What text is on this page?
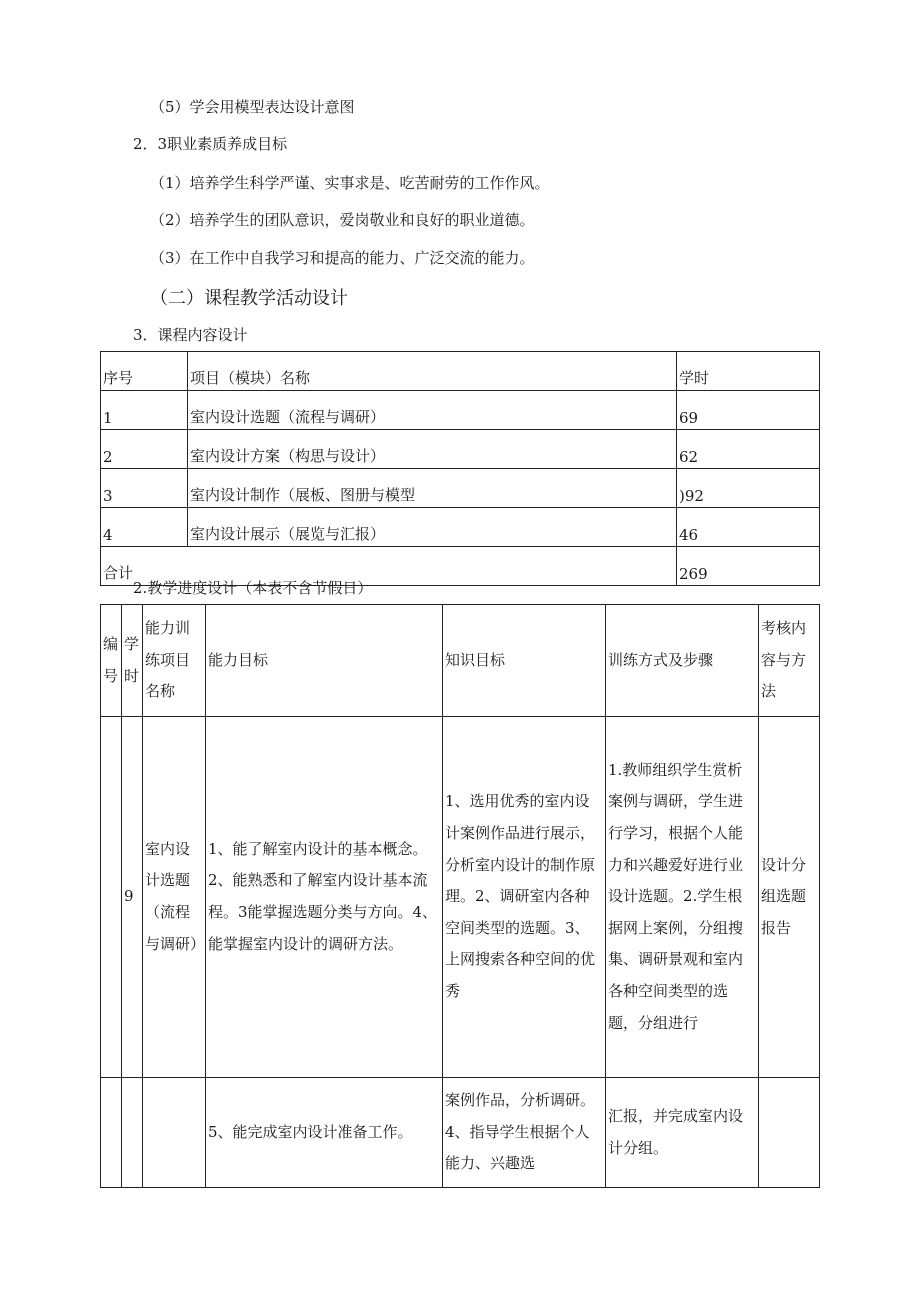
（5）学会用模型表达设计意图
2．3职业素质养成目标
（1）培养学生科学严谨、实事求是、吃苦耐劳的工作作风。
（2）培养学生的团队意识，爱岗敬业和良好的职业道德。
（3）在工作中自我学习和提高的能力、广泛交流的能力。
（二）课程教学活动设计
3．课程内容设计
序号	项目（模块）名称	学时
1	室内设计选题（流程与调研）	69
2	室内设计方案（构思与设计）	62
3	室内设计制作（展板、图册与模型	)92
4	室内设计展示（展览与汇报）	46
合计		269
2.教学进度设计（本表不含节假日）
编号	学时	能力训练项目名称	能力目标	知识目标	训练方式及步骤	考核内容与方法
	9	室内设计选题（流程与调研）	1、能了解室内设计的基本概念。2、能熟悉和了解室内设计基本流程。3能掌握选题分类与方向。4、能掌握室内设计的调研方法。	1、选用优秀的室内设计案例作品进行展示，分析室内设计的制作原理。2、调研室内各种空间类型的选题。3、上网搜索各种空间的优秀	1.教师组织学生赏析案例与调研，学生进行学习，根据个人能力和兴趣爱好进行业设计选题。2.学生根据网上案例，分组搜集、调研景观和室内各种空间类型的选题，分组进行	设计分组选题报告
			5、能完成室内设计准备工作。	案例作品，分析调研。4、指导学生根据个人能力、兴趣选	汇报，并完成室内设计分组。	
